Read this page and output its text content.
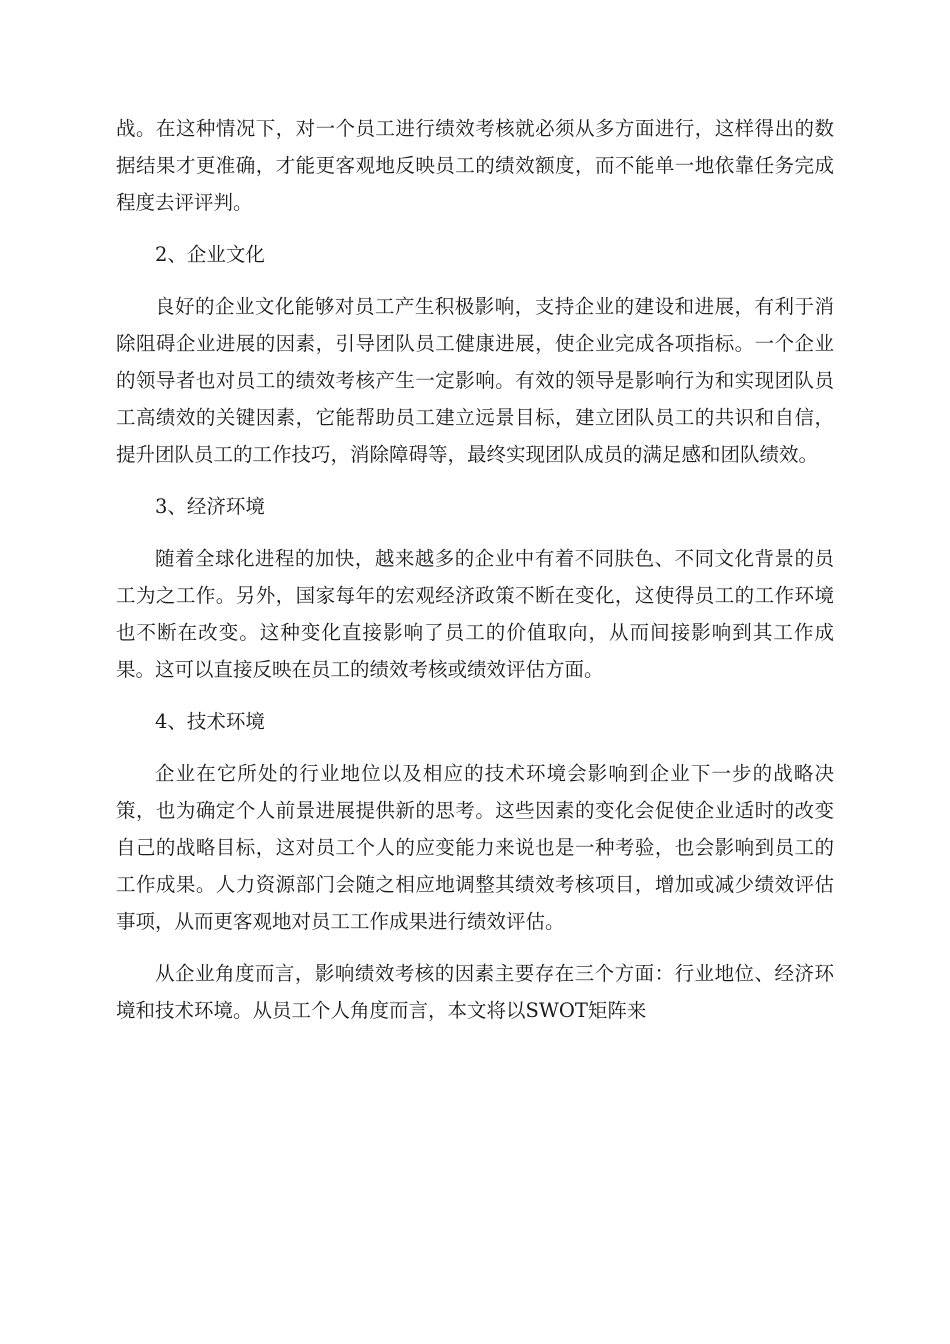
战。在这种情况下，对一个员工进行绩效考核就必须从多方面进行，这样得出的数据结果才更准确，才能更客观地反映员工的绩效额度，而不能单一地依靠任务完成程度去评评判。

2、企业文化

良好的企业文化能够对员工产生积极影响，支持企业的建设和进展，有利于消除阻碍企业进展的因素，引导团队员工健康进展，使企业完成各项指标。一个企业的领导者也对员工的绩效考核产生一定影响。有效的领导是影响行为和实现团队员工高绩效的关键因素，它能帮助员工建立远景目标，建立团队员工的共识和自信，提升团队员工的工作技巧，消除障碍等，最终实现团队成员的满足感和团队绩效。

3、经济环境

随着全球化进程的加快，越来越多的企业中有着不同肤色、不同文化背景的员工为之工作。另外，国家每年的宏观经济政策不断在变化，这使得员工的工作环境也不断在改变。这种变化直接影响了员工的价值取向，从而间接影响到其工作成果。这可以直接反映在员工的绩效考核或绩效评估方面。

4、技术环境

企业在它所处的行业地位以及相应的技术环境会影响到企业下一步的战略决策，也为确定个人前景进展提供新的思考。这些因素的变化会促使企业适时的改变自己的战略目标，这对员工个人的应变能力来说也是一种考验，也会影响到员工的工作成果。人力资源部门会随之相应地调整其绩效考核项目，增加或减少绩效评估事项，从而更客观地对员工工作成果进行绩效评估。

从企业角度而言，影响绩效考核的因素主要存在三个方面：行业地位、经济环境和技术环境。从员工个人角度而言，本文将以SWOT矩阵来
